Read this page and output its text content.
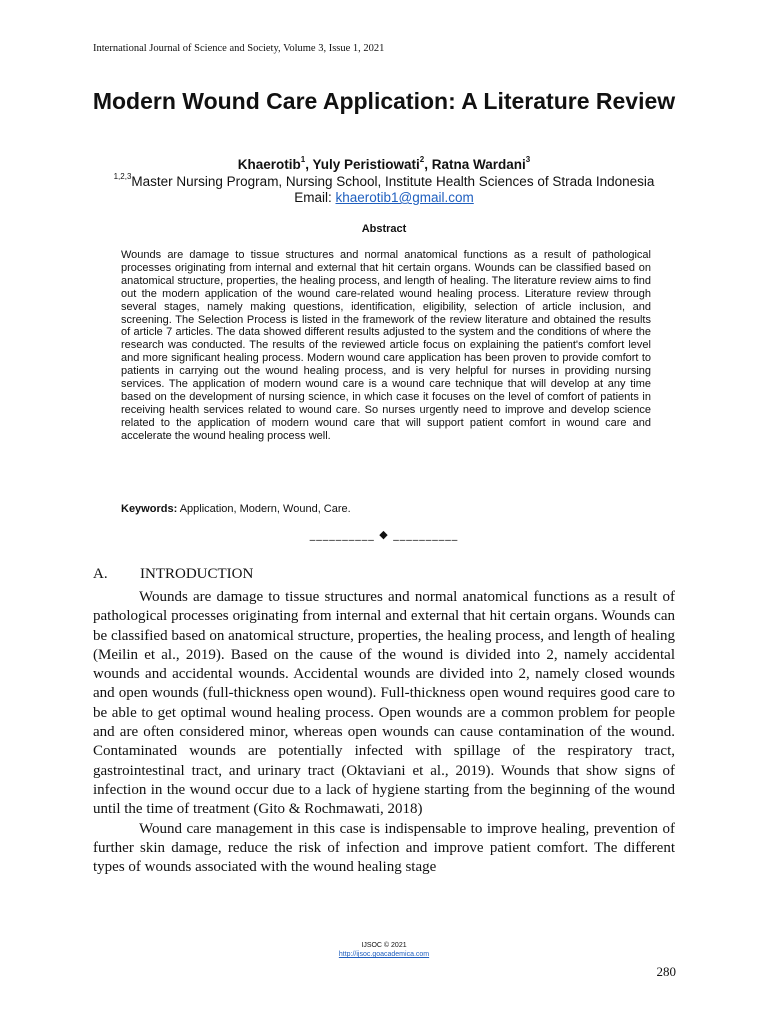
International Journal of Science and Society, Volume 3, Issue 1, 2021
Modern Wound Care Application: A Literature Review
Khaerotib$^1$, Yuly Peristiowati$^2$, Ratna Wardani$^3$
$^{1,2,3}$Master Nursing Program, Nursing School, Institute Health Sciences of Strada Indonesia
Email: khaerotib1@gmail.com
Abstract

Wounds are damage to tissue structures and normal anatomical functions as a result of pathological processes originating from internal and external that hit certain organs. Wounds can be classified based on anatomical structure, properties, the healing process, and length of healing. The literature review aims to find out the modern application of the wound care-related wound healing process. Literature review through several stages, namely making questions, identification, eligibility, selection of article inclusion, and screening. The Selection Process is listed in the framework of the review literature and obtained the results of article 7 articles. The data showed different results adjusted to the system and the conditions of where the research was conducted. The results of the reviewed article focus on explaining the patient's comfort level and more significant healing process. Modern wound care application has been proven to provide comfort to patients in carrying out the wound healing process, and is very helpful for nurses in providing nursing services. The application of modern wound care is a wound care technique that will develop at any time based on the development of nursing science, in which case it focuses on the level of comfort of patients in receiving health services related to wound care. So nurses urgently need to improve and develop science related to the application of modern wound care that will support patient comfort in wound care and accelerate the wound healing process well.

Keywords: Application, Modern, Wound, Care.
__________ ◆ __________
A. INTRODUCTION

Wounds are damage to tissue structures and normal anatomical functions as a result of pathological processes originating from internal and external that hit certain organs. Wounds can be classified based on anatomical structure, properties, the healing process, and length of healing (Meilin et al., 2019). Based on the cause of the wound is divided into 2, namely accidental wounds and accidental wounds. Accidental wounds are divided into 2, namely closed wounds and open wounds (full-thickness open wound). Full-thickness open wound requires good care to be able to get optimal wound healing process. Open wounds are a common problem for people and are often considered minor, whereas open wounds can cause contamination of the wound. Contaminated wounds are potentially infected with spillage of the respiratory tract, gastrointestinal tract, and urinary tract (Oktaviani et al., 2019). Wounds that show signs of infection in the wound occur due to a lack of hygiene starting from the beginning of the wound until the time of treatment (Gito & Rochmawati, 2018)

Wound care management in this case is indispensable to improve healing, prevention of further skin damage, reduce the risk of infection and improve patient comfort. The different types of wounds associated with the wound healing stage

IJSOC © 2021
http://ijsoc.goacademica.com
280
